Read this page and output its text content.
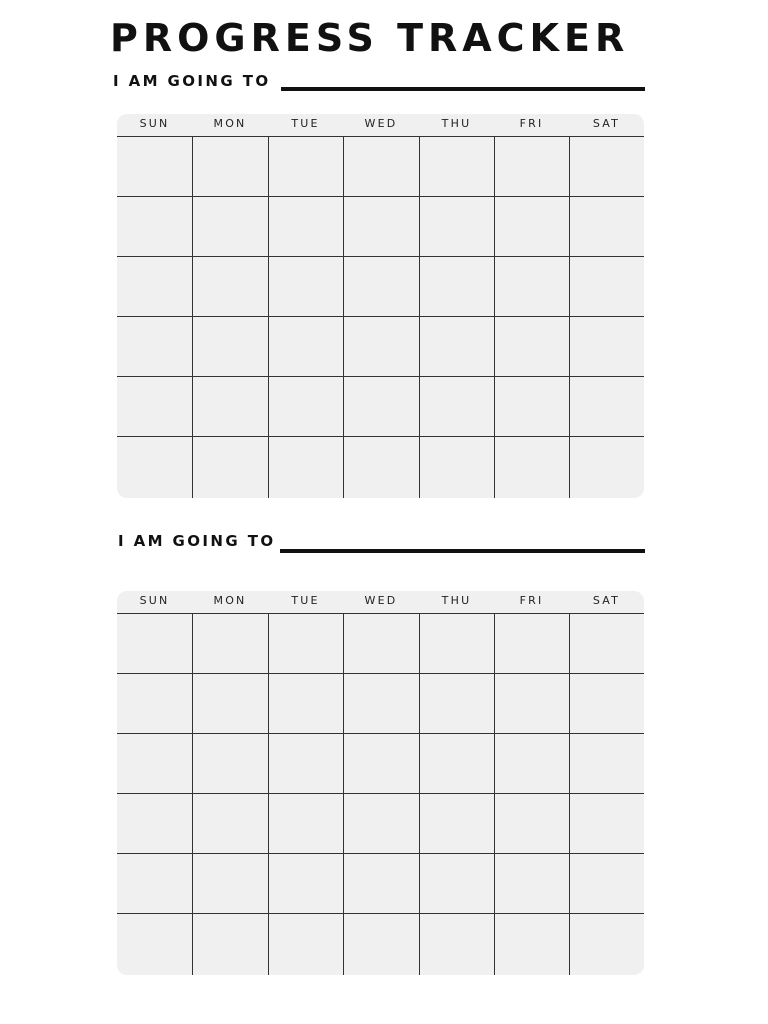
PROGRESS TRACKER
I AM GOING TO
SUN	MON	TUE	WED	THU	FRI	SAT
I AM GOING TO
SUN	MON	TUE	WED	THU	FRI	SAT
